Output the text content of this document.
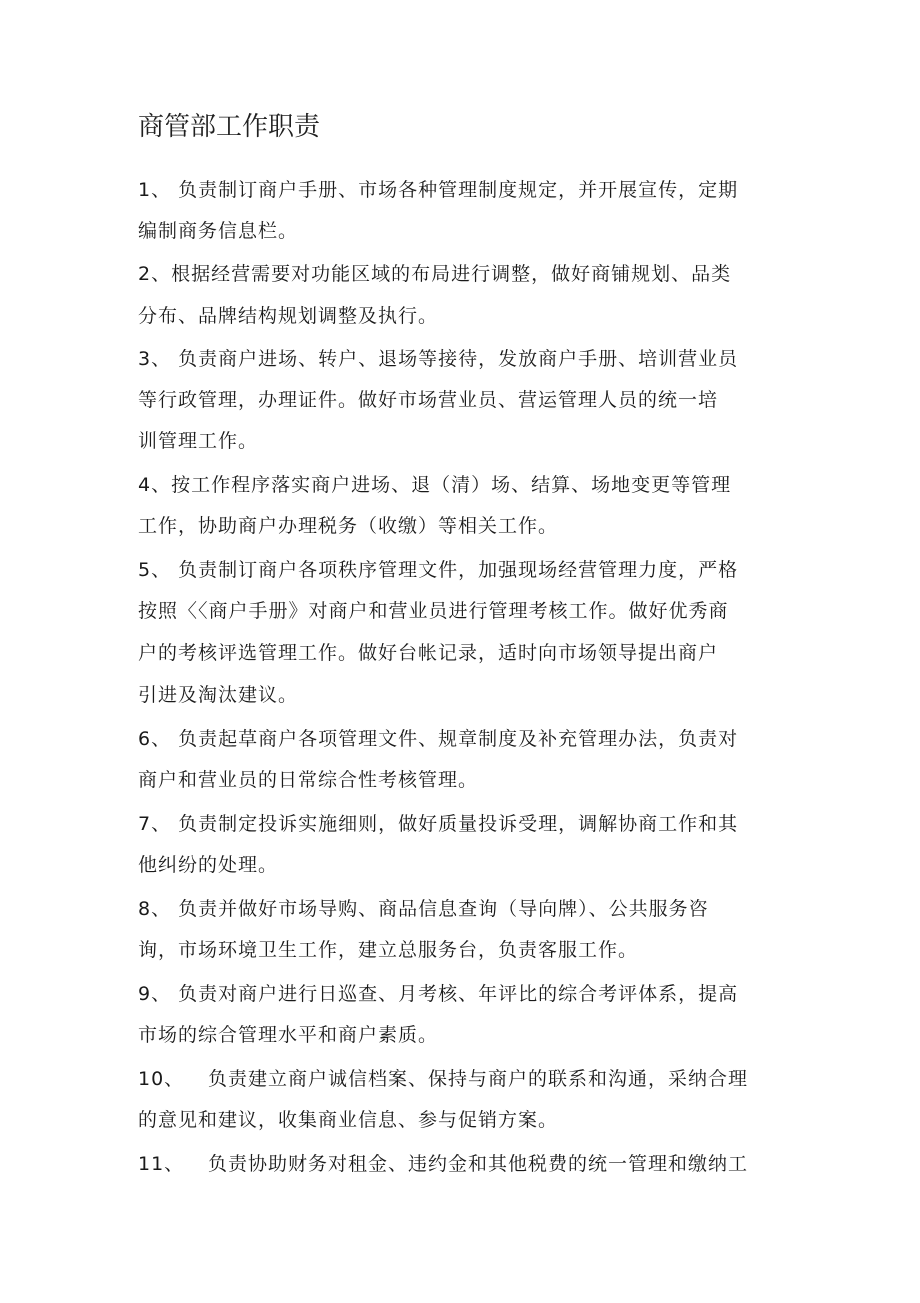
商管部工作职责
1、 负责制订商户手册、市场各种管理制度规定，并开展宣传，定期
编制商务信息栏。
2、根据经营需要对功能区域的布局进行调整，做好商铺规划、品类
分布、品牌结构规划调整及执行。
3、 负责商户进场、转户、退场等接待，发放商户手册、培训营业员
等行政管理，办理证件。做好市场营业员、营运管理人员的统一培
训管理工作。
4、按工作程序落实商户进场、退（清）场、结算、场地变更等管理
工作，协助商户办理税务（收缴）等相关工作。
5、 负责制订商户各项秩序管理文件，加强现场经营管理力度，严格
按照〈〈商户手册》对商户和营业员进行管理考核工作。做好优秀商
户的考核评选管理工作。做好台帐记录，适时向市场领导提出商户
引进及淘汰建议。
6、 负责起草商户各项管理文件、规章制度及补充管理办法，负责对
商户和营业员的日常综合性考核管理。
7、 负责制定投诉实施细则，做好质量投诉受理，调解协商工作和其
他纠纷的处理。
8、 负责并做好市场导购、商品信息查询（导向牌）、公共服务咨
询，市场环境卫生工作，建立总服务台，负责客服工作。
9、 负责对商户进行日巡查、月考核、年评比的综合考评体系，提高
市场的综合管理水平和商户素质。
10、 负责建立商户诚信档案、保持与商户的联系和沟通，采纳合理
的意见和建议，收集商业信息、参与促销方案。
11、 负责协助财务对租金、违约金和其他税费的统一管理和缴纳工
